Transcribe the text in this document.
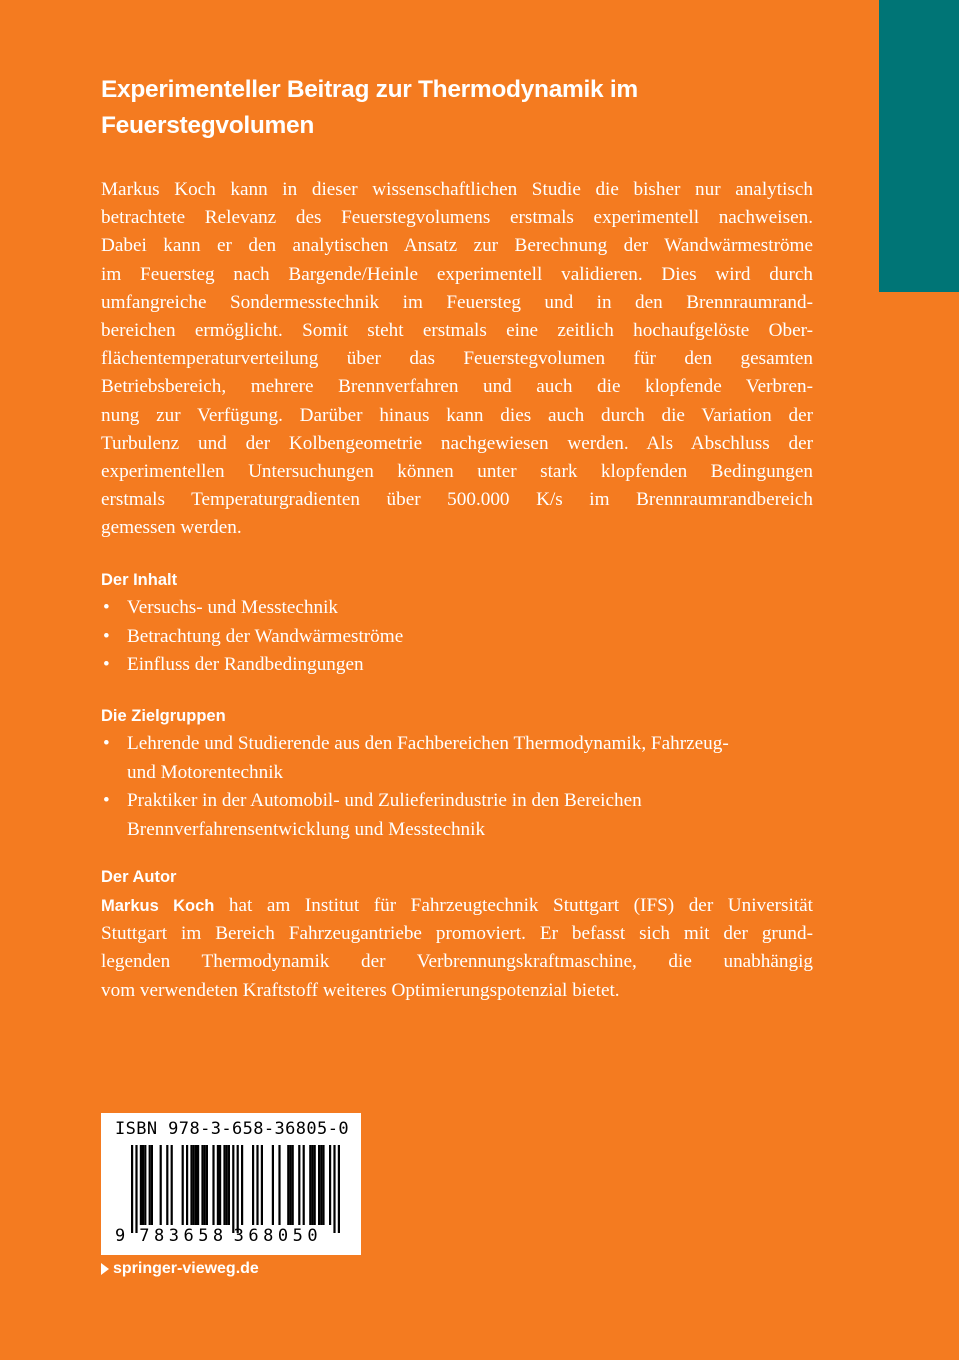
Experimenteller Beitrag zur Thermodynamik im
Feuerstegvolumen
Markus Koch kann in dieser wissenschaftlichen Studie die bisher nur analytisch
betrachtete Relevanz des Feuerstegvolumens erstmals experimentell nachweisen.
Dabei kann er den analytischen Ansatz zur Berechnung der Wandwärmeströme
im Feuersteg nach Bargende/Heinle experimentell validieren. Dies wird durch
umfangreiche Sondermesstechnik im Feuersteg und in den Brennraumrand-
bereichen ermöglicht. Somit steht erstmals eine zeitlich hochaufgelöste Ober-
flächentemperaturverteilung über das Feuerstegvolumen für den gesamten
Betriebsbereich, mehrere Brennverfahren und auch die klopfende Verbren-
nung zur Verfügung. Darüber hinaus kann dies auch durch die Variation der
Turbulenz und der Kolbengeometrie nachgewiesen werden. Als Abschluss der
experimentellen Untersuchungen können unter stark klopfenden Bedingungen
erstmals Temperaturgradienten über 500.000 K/s im Brennraumrandbereich
gemessen werden.
Der Inhalt
• Versuchs- und Messtechnik
• Betrachtung der Wandwärmeströme
• Einfluss der Randbedingungen
Die Zielgruppen
• Lehrende und Studierende aus den Fachbereichen Thermodynamik, Fahrzeug- und Motorentechnik
• Praktiker in der Automobil- und Zulieferindustrie in den Bereichen Brennverfahrensentwicklung und Messtechnik
Der Autor
Markus Koch hat am Institut für Fahrzeugtechnik Stuttgart (IFS) der Universität
Stuttgart im Bereich Fahrzeugantriebe promoviert. Er befasst sich mit der grund-
legenden Thermodynamik der Verbrennungskraftmaschine, die unabhängig
vom verwendeten Kraftstoff weiteres Optimierungspotenzial bietet.
ISBN 978-3-658-36805-0
9 783658 368050
springer-vieweg.de
